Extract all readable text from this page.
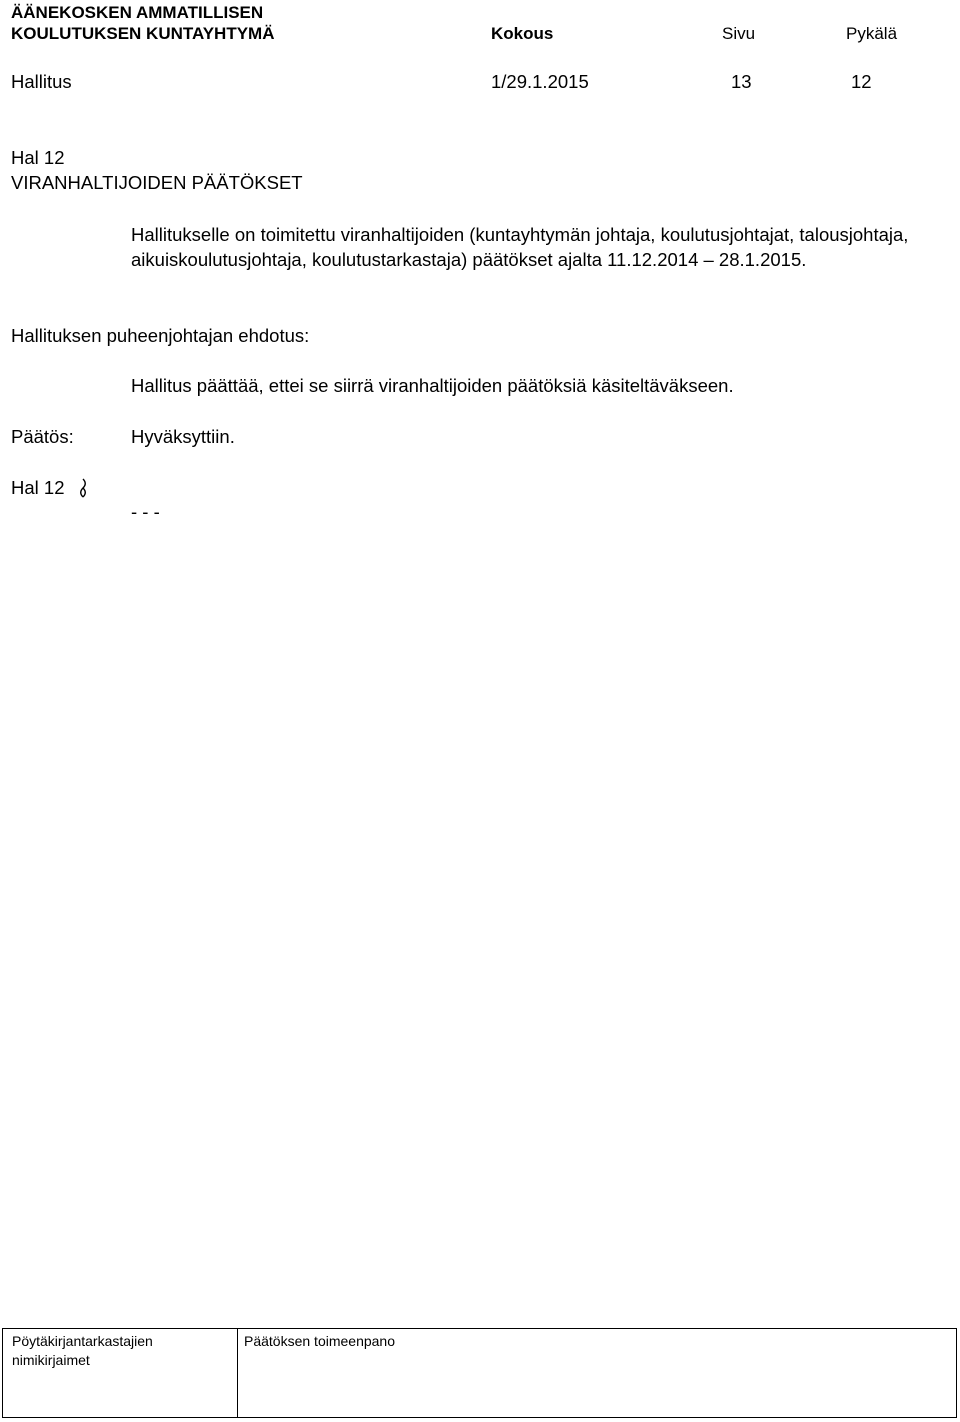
ÄÄNEKOSKEN AMMATILLISEN
KOULUTUKSEN KUNTAYHTYMÄ	Kokous	Sivu	Pykälä
Hallitus	1/29.1.2015	13	12
Hal 12
VIRANHALTIJOIDEN PÄÄTÖKSET
Hallitukselle on toimitettu viranhaltijoiden (kuntayhtymän johtaja, koulutusjohtajat, talousjohtaja, aikuiskoulutusjohtaja, koulutustarkastaja) päätökset ajalta 11.12.2014 – 28.1.2015.
Hallituksen puheenjohtajan ehdotus:
Hallitus päättää, ettei se siirrä viranhaltijoiden päätöksiä käsiteltäväkseen.
Päätös:	Hyväksyttiin.
Hal 12
- - -
Pöytäkirjantarkastajien
nimikirjaimet
Päätöksen toimeenpano
